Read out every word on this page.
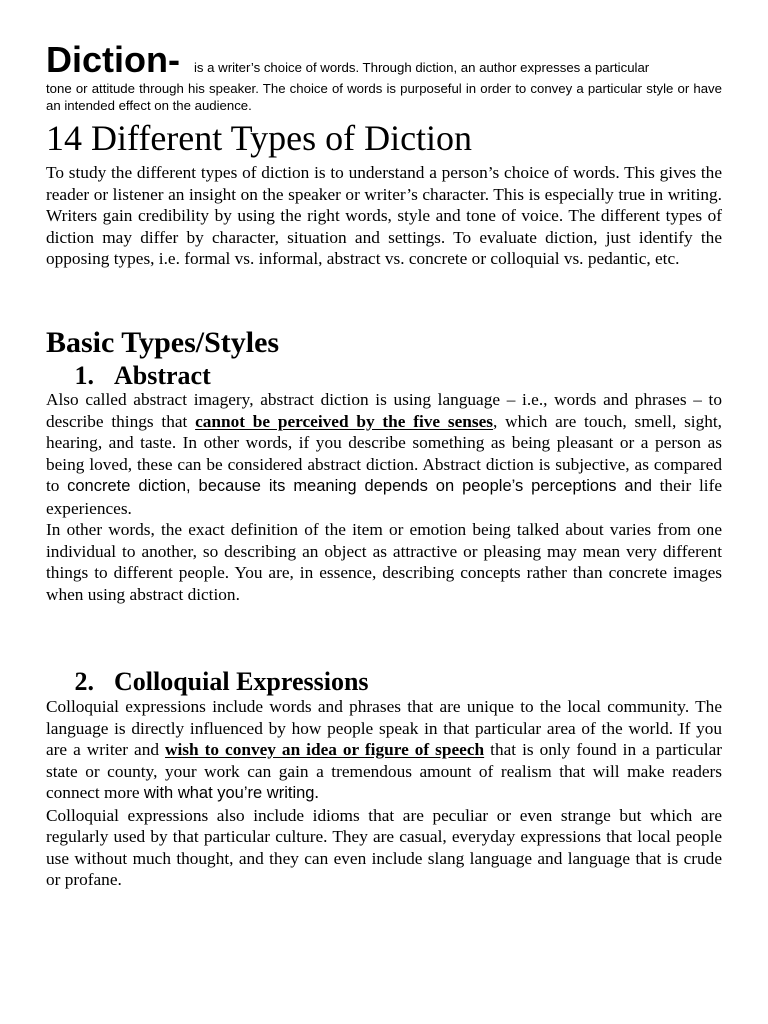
Diction- is a writer’s choice of words. Through diction, an author expresses a particular
tone or attitude through his speaker. The choice of words is purposeful in order to convey a particular style or have an intended effect on the audience.
14 Different Types of Diction

To study the different types of diction is to understand a person’s choice of words. This gives the reader or listener an insight on the speaker or writer’s character. This is especially true in writing. Writers gain credibility by using the right words, style and tone of voice. The different types of diction may differ by character, situation and settings. To evaluate diction, just identify the opposing types, i.e. formal vs. informal, abstract vs. concrete or colloquial vs. pedantic, etc.

Basic Types/Styles
1. Abstract

Also called abstract imagery, abstract diction is using language – i.e., words and phrases – to describe things that cannot be perceived by the five senses, which are touch, smell, sight, hearing, and taste. In other words, if you describe something as being pleasant or a person as being loved, these can be considered abstract diction. Abstract diction is subjective, as compared to concrete diction, because its meaning depends on people’s perceptions and their life experiences.

In other words, the exact definition of the item or emotion being talked about varies from one individual to another, so describing an object as attractive or pleasing may mean very different things to different people. You are, in essence, describing concepts rather than concrete images when using abstract diction.

2. Colloquial Expressions

Colloquial expressions include words and phrases that are unique to the local community. The language is directly influenced by how people speak in that particular area of the world. If you are a writer and wish to convey an idea or figure of speech that is only found in a particular state or county, your work can gain a tremendous amount of realism that will make readers connect more with what you’re writing.

Colloquial expressions also include idioms that are peculiar or even strange but which are regularly used by that particular culture. They are casual, everyday expressions that local people use without much thought, and they can even include slang language and language that is crude or profane.
